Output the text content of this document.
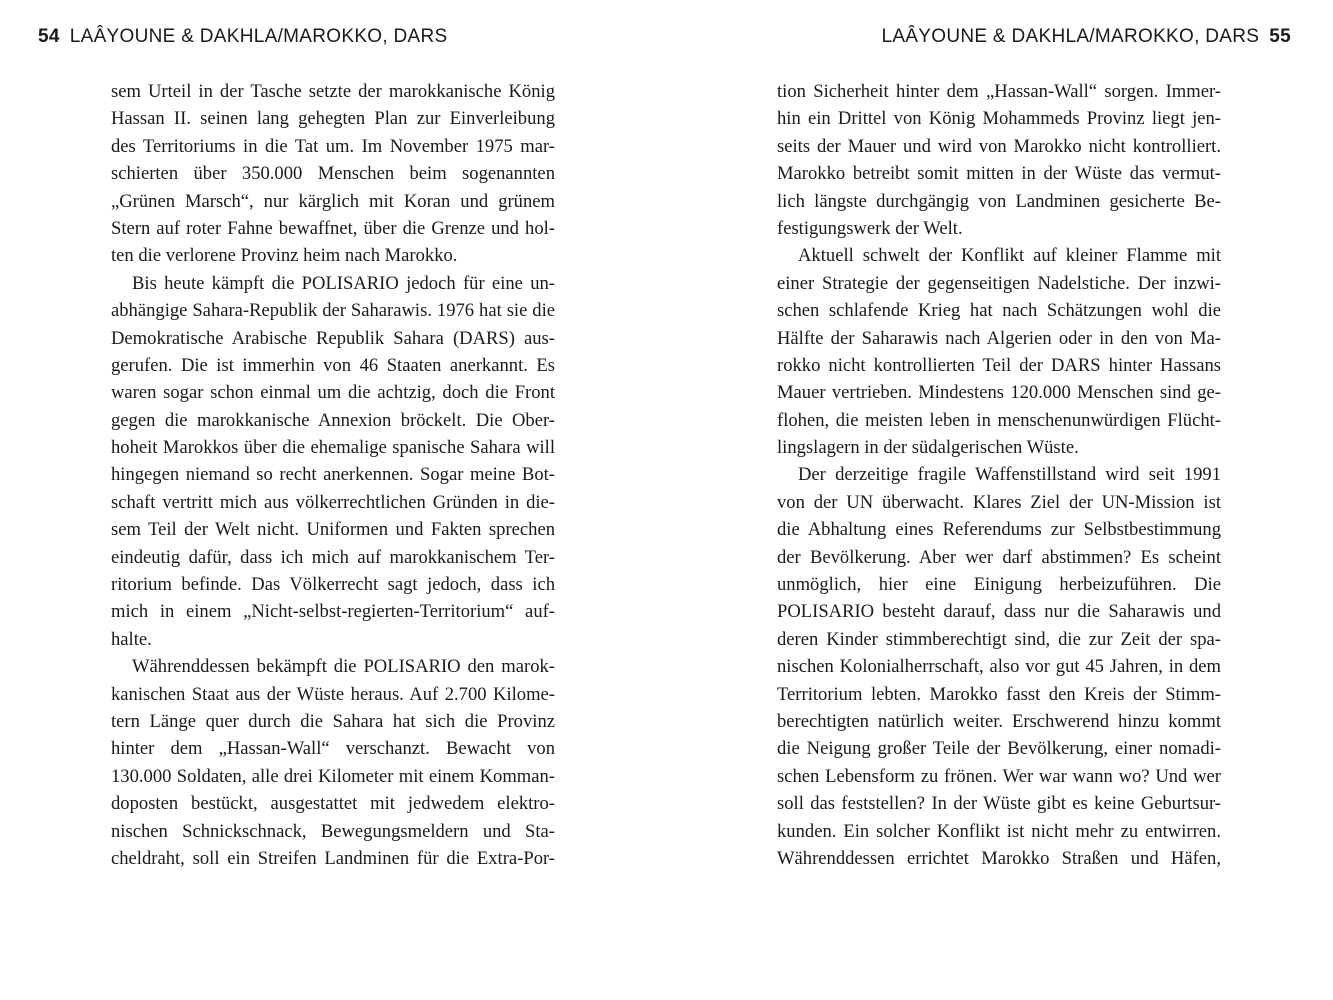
54 LAÂYOUNE & DAKHLA/MAROKKO, DARS	LAÂYOUNE & DAKHLA/MAROKKO, DARS 55
sem Urteil in der Tasche setzte der marokkanische König
Hassan II. seinen lang gehegten Plan zur Einverleibung
des Territoriums in die Tat um. Im November 1975 mar-
schierten über 350.000 Menschen beim sogenannten
„Grünen Marsch“, nur kärglich mit Koran und grünem
Stern auf roter Fahne bewaffnet, über die Grenze und hol-
ten die verlorene Provinz heim nach Marokko.
Bis heute kämpft die POLISARIO jedoch für eine un-
abhängige Sahara-Republik der Saharawis. 1976 hat sie die
Demokratische Arabische Republik Sahara (DARS) aus-
gerufen. Die ist immerhin von 46 Staaten anerkannt. Es
waren sogar schon einmal um die achtzig, doch die Front
gegen die marokkanische Annexion bröckelt. Die Ober-
hoheit Marokkos über die ehemalige spanische Sahara will
hingegen niemand so recht anerkennen. Sogar meine Bot-
schaft vertritt mich aus völkerrechtlichen Gründen in die-
sem Teil der Welt nicht. Uniformen und Fakten sprechen
eindeutig dafür, dass ich mich auf marokkanischem Ter-
ritorium befinde. Das Völkerrecht sagt jedoch, dass ich
mich in einem „Nicht-selbst-regierten-Territorium“ auf-
halte.
Währenddessen bekämpft die POLISARIO den marok-
kanischen Staat aus der Wüste heraus. Auf 2.700 Kilome-
tern Länge quer durch die Sahara hat sich die Provinz
hinter dem „Hassan-Wall“ verschanzt. Bewacht von
130.000 Soldaten, alle drei Kilometer mit einem Komman-
doposten bestückt, ausgestattet mit jedwedem elektro-
nischen Schnickschnack, Bewegungsmeldern und Sta-
cheldraht, soll ein Streifen Landminen für die Extra-Por-
tion Sicherheit hinter dem „Hassan-Wall“ sorgen. Immer-
hin ein Drittel von König Mohammeds Provinz liegt jen-
seits der Mauer und wird von Marokko nicht kontrolliert.
Marokko betreibt somit mitten in der Wüste das vermut-
lich längste durchgängig von Landminen gesicherte Be-
festigungswerk der Welt.
Aktuell schwelt der Konflikt auf kleiner Flamme mit
einer Strategie der gegenseitigen Nadelstiche. Der inzwi-
schen schlafende Krieg hat nach Schätzungen wohl die
Hälfte der Saharawis nach Algerien oder in den von Ma-
rokko nicht kontrollierten Teil der DARS hinter Hassans
Mauer vertrieben. Mindestens 120.000 Menschen sind ge-
flohen, die meisten leben in menschenunwürdigen Flücht-
lingslagern in der südalgerischen Wüste.
Der derzeitige fragile Waffenstillstand wird seit 1991
von der UN überwacht. Klares Ziel der UN-Mission ist
die Abhaltung eines Referendums zur Selbstbestimmung
der Bevölkerung. Aber wer darf abstimmen? Es scheint
unmöglich, hier eine Einigung herbeizuführen. Die
POLISARIO besteht darauf, dass nur die Saharawis und
deren Kinder stimmberechtigt sind, die zur Zeit der spa-
nischen Kolonialherrschaft, also vor gut 45 Jahren, in dem
Territorium lebten. Marokko fasst den Kreis der Stimm-
berechtigten natürlich weiter. Erschwerend hinzu kommt
die Neigung großer Teile der Bevölkerung, einer nomadi-
schen Lebensform zu frönen. Wer war wann wo? Und wer
soll das feststellen? In der Wüste gibt es keine Geburtsur-
kunden. Ein solcher Konflikt ist nicht mehr zu entwirren.
Währenddessen errichtet Marokko Straßen und Häfen,
